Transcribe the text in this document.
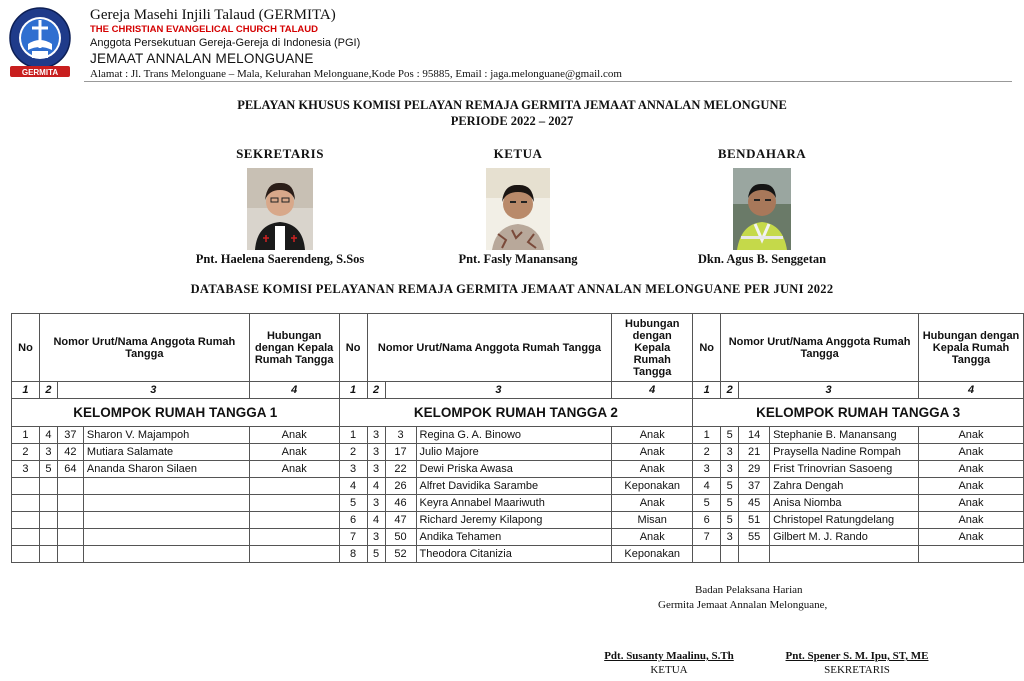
GERMITA
Gereja Masehi Injili Talaud (GERMITA)
THE CHRISTIAN EVANGELICAL CHURCH TALAUD
Anggota Persekutuan Gereja-Gereja di Indonesia (PGI)
JEMAAT ANNALAN MELONGUANE
Alamat : Jl. Trans Melonguane – Mala, Kelurahan Melonguane,Kode Pos : 95885, Email : jaga.melonguane@gmail.com
PELAYAN KHUSUS KOMISI PELAYAN REMAJA GERMITA JEMAAT ANNALAN MELONGUNE
PERIODE 2022 – 2027
SEKRETARIS
Pnt. Haelena Saerendeng, S.Sos
KETUA
Pnt. Fasly Manansang
BENDAHARA
Dkn. Agus B. Senggetan
DATABASE KOMISI PELAYANAN REMAJA GERMITA JEMAAT ANNALAN MELONGUANE PER JUNI 2022
No	Nomor Urut/Nama Anggota Rumah Tangga			Hubungan dengan Kepala Rumah Tangga	No	Nomor Urut/Nama Anggota Rumah Tangga			Hubungan dengan Kepala Rumah Tangga	No	Nomor Urut/Nama Anggota Rumah Tangga			Hubungan dengan Kepala Rumah Tangga
1	2	3		4	1	2	3		4	1	2	3		4
KELOMPOK RUMAH TANGGA 1					KELOMPOK RUMAH TANGGA 2					KELOMPOK RUMAH TANGGA 3				
1	4	37	Sharon V. Majampoh	Anak	1	3	3	Regina G. A. Binowo	Anak	1	5	14	Stephanie B. Manansang	Anak
2	3	42	Mutiara Salamate	Anak	2	3	17	Julio Majore	Anak	2	3	21	Praysella Nadine Rompah	Anak
3	5	64	Ananda Sharon Silaen	Anak	3	3	22	Dewi Priska Awasa	Anak	3	3	29	Frist Trinovrian Sasoeng	Anak
					4	4	26	Alfret Davidika Sarambe	Keponakan	4	5	37	Zahra Dengah	Anak
					5	3	46	Keyra Annabel Maariwuth	Anak	5	5	45	Anisa Niomba	Anak
					6	4	47	Richard Jeremy Kilapong	Misan	6	5	51	Christopel Ratungdelang	Anak
					7	3	50	Andika Tehamen	Anak	7	3	55	Gilbert M. J. Rando	Anak
					8	5	52	Theodora Citanizia	Keponakan					
Badan Pelaksana Harian
Germita Jemaat Annalan Melonguane,
Pdt. Susanty Maalinu, S.Th
KETUA
Pnt. Spener S. M. Ipu, ST, ME
SEKRETARIS
